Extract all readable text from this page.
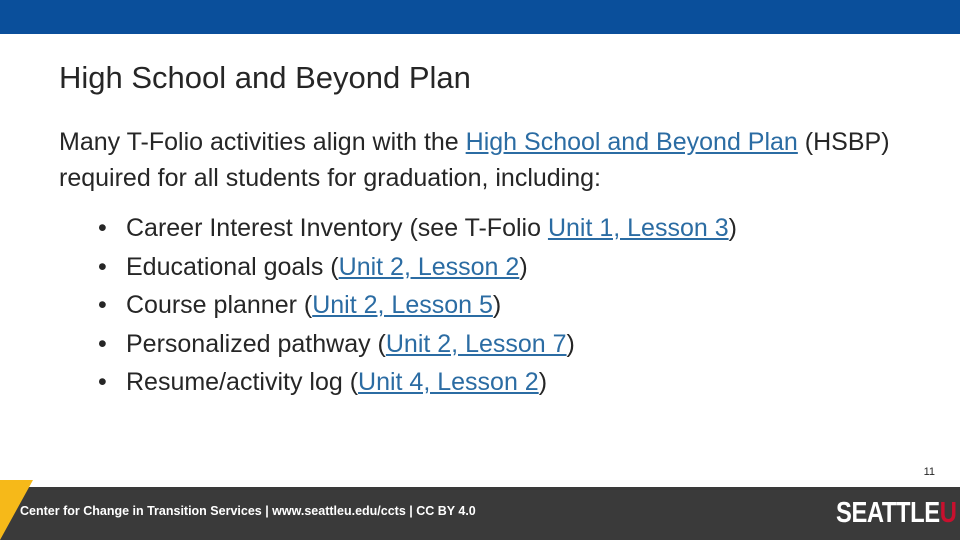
High School and Beyond Plan

Many T-Folio activities align with the High School and Beyond Plan (HSBP) required for all students for graduation, including:

• Career Interest Inventory (see T-Folio Unit 1, Lesson 3)
• Educational goals (Unit 2, Lesson 2)
• Course planner (Unit 2, Lesson 5)
• Personalized pathway (Unit 2, Lesson 7)
• Resume/activity log (Unit 4, Lesson 2)
11
Center for Change in Transition Services | www.seattleu.edu/ccts | CC BY 4.0	SEATTLEU
